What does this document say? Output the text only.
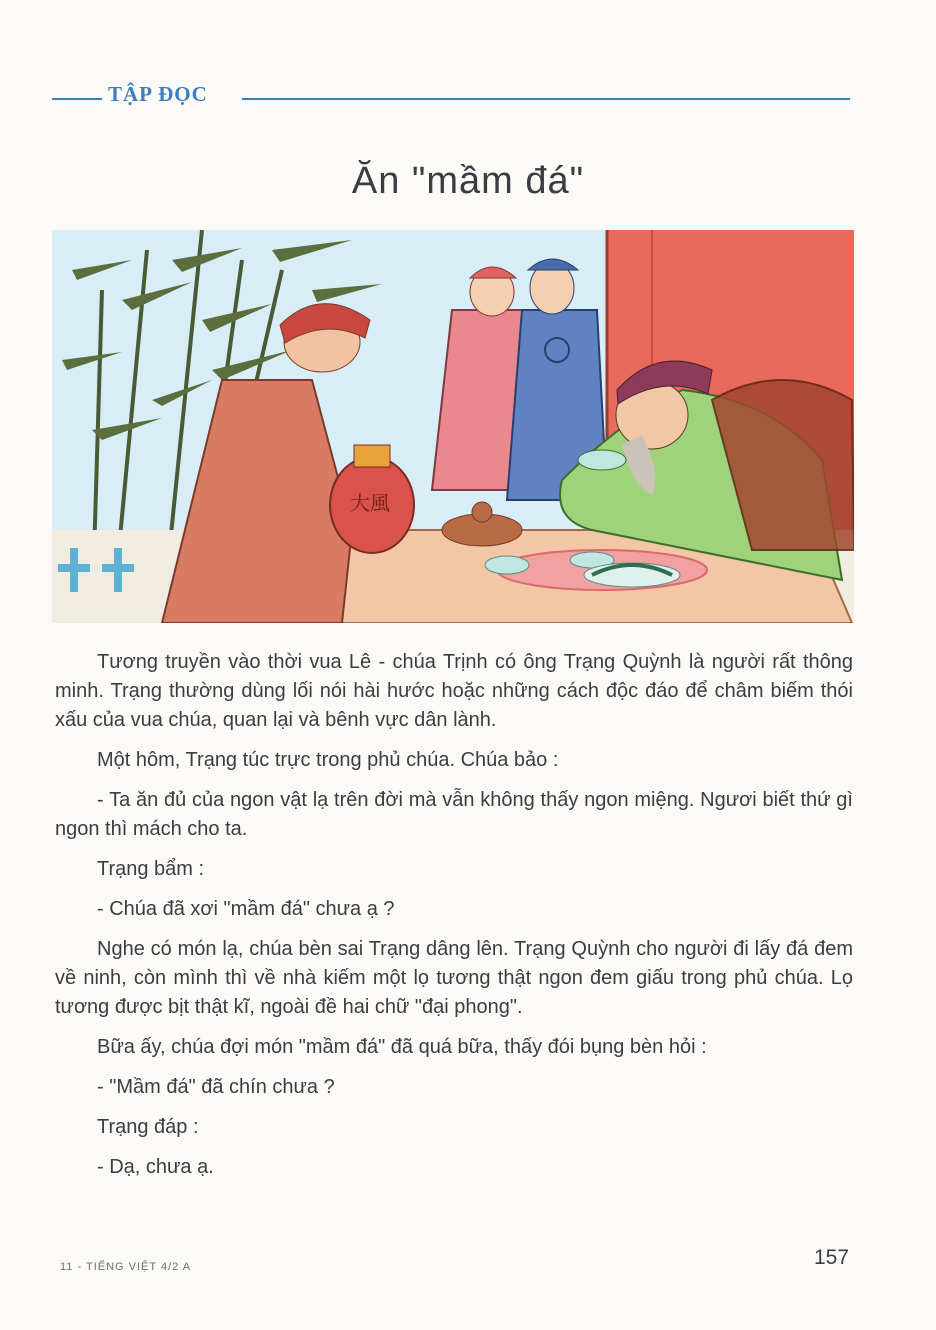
TẬP ĐỌC
Ăn "mầm đá"
大風

Tương truyền vào thời vua Lê - chúa Trịnh có ông Trạng Quỳnh là người rất thông minh. Trạng thường dùng lối nói hài hước hoặc những cách độc đáo để châm biếm thói xấu của vua chúa, quan lại và bênh vực dân lành.

Một hôm, Trạng túc trực trong phủ chúa. Chúa bảo :

- Ta ăn đủ của ngon vật lạ trên đời mà vẫn không thấy ngon miệng. Ngươi biết thứ gì ngon thì mách cho ta.

Trạng bẩm :

- Chúa đã xơi "mầm đá" chưa ạ ?

Nghe có món lạ, chúa bèn sai Trạng dâng lên. Trạng Quỳnh cho người đi lấy đá đem về ninh, còn mình thì về nhà kiếm một lọ tương thật ngon đem giấu trong phủ chúa. Lọ tương được bịt thật kĩ, ngoài đề hai chữ "đại phong".

Bữa ấy, chúa đợi món "mầm đá" đã quá bữa, thấy đói bụng bèn hỏi :

- "Mầm đá" đã chín chưa ?

Trạng đáp :

- Dạ, chưa ạ.

11 - TIẾNG VIỆT 4/2 A	157
